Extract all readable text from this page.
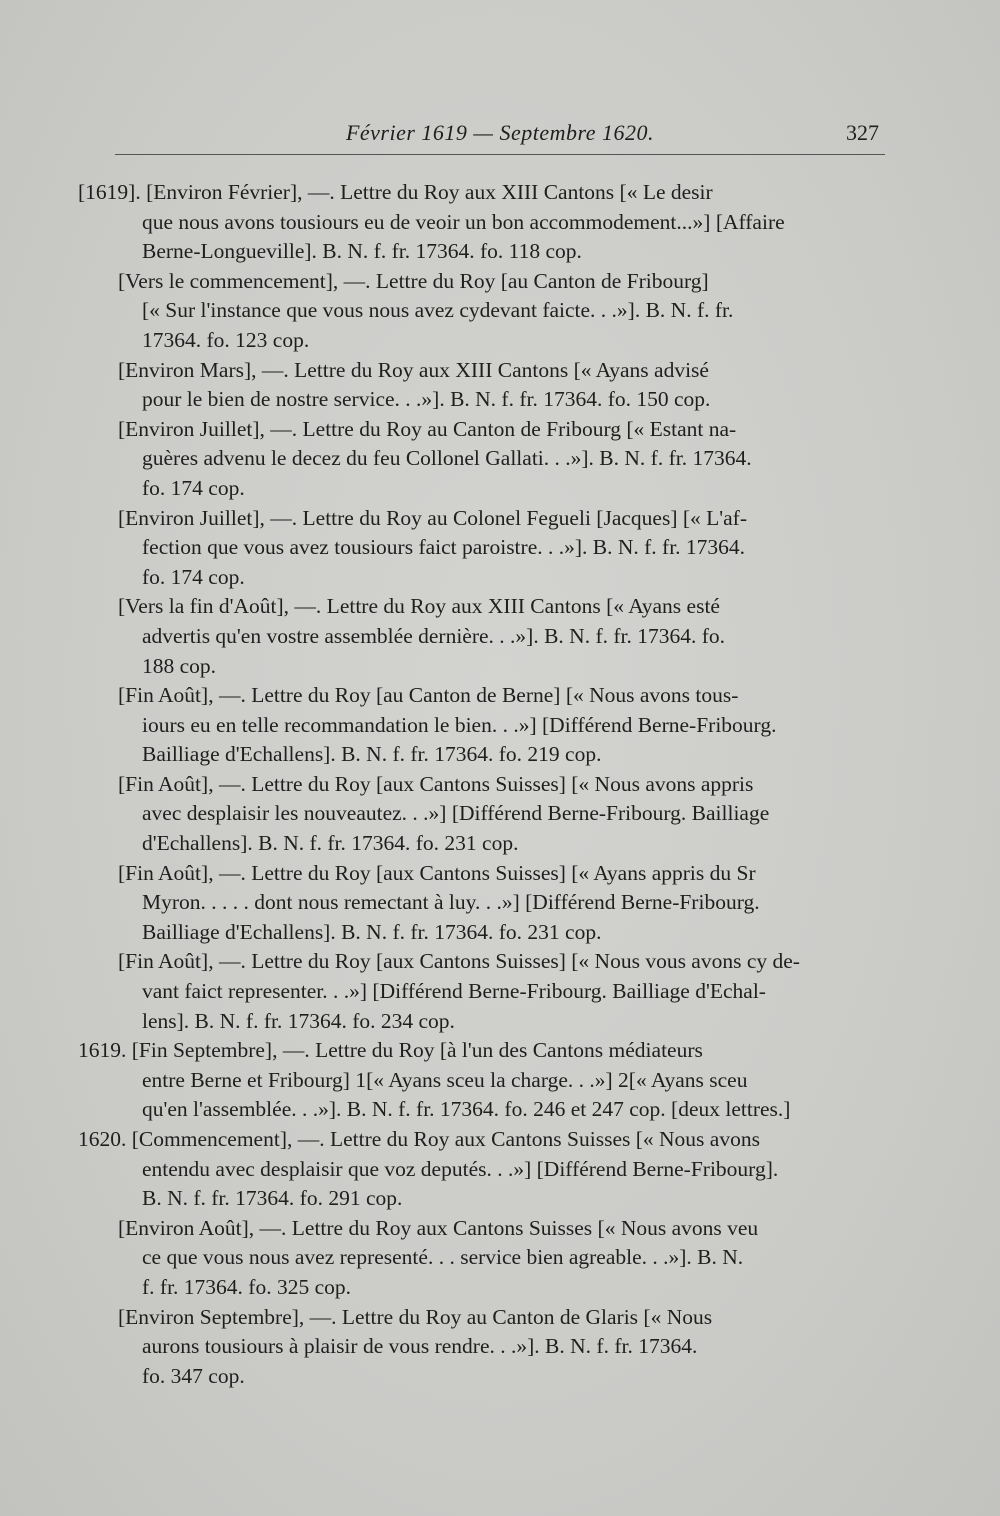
Février 1619 — Septembre 1620.	327
[1619]. [Environ Février], —. Lettre du Roy aux XIII Cantons [« Le desir
que nous avons tousiours eu de veoir un bon accommodement...»] [Affaire
Berne-Longueville]. B. N. f. fr. 17364. fo. 118 cop.
[Vers le commencement], —. Lettre du Roy [au Canton de Fribourg]
[« Sur l'instance que vous nous avez cydevant faicte. . .»]. B. N. f. fr.
17364. fo. 123 cop.
[Environ Mars], —. Lettre du Roy aux XIII Cantons [« Ayans advisé
pour le bien de nostre service. . .»]. B. N. f. fr. 17364. fo. 150 cop.
[Environ Juillet], —. Lettre du Roy au Canton de Fribourg [« Estant na-
guères advenu le decez du feu Collonel Gallati. . .»]. B. N. f. fr. 17364.
fo. 174 cop.
[Environ Juillet], —. Lettre du Roy au Colonel Fegueli [Jacques] [« L'af-
fection que vous avez tousiours faict paroistre. . .»]. B. N. f. fr. 17364.
fo. 174 cop.
[Vers la fin d'Août], —. Lettre du Roy aux XIII Cantons [« Ayans esté
advertis qu'en vostre assemblée dernière. . .»]. B. N. f. fr. 17364. fo.
188 cop.
[Fin Août], —. Lettre du Roy [au Canton de Berne] [« Nous avons tous-
iours eu en telle recommandation le bien. . .»] [Différend Berne-Fribourg.
Bailliage d'Echallens]. B. N. f. fr. 17364. fo. 219 cop.
[Fin Août], —. Lettre du Roy [aux Cantons Suisses] [« Nous avons appris
avec desplaisir les nouveautez. . .»] [Différend Berne-Fribourg. Bailliage
d'Echallens]. B. N. f. fr. 17364. fo. 231 cop.
[Fin Août], —. Lettre du Roy [aux Cantons Suisses] [« Ayans appris du Sr
Myron. . . . . dont nous remectant à luy. . .»] [Différend Berne-Fribourg.
Bailliage d'Echallens]. B. N. f. fr. 17364. fo. 231 cop.
[Fin Août], —. Lettre du Roy [aux Cantons Suisses] [« Nous vous avons cy de-
vant faict representer. . .»] [Différend Berne-Fribourg. Bailliage d'Echal-
lens]. B. N. f. fr. 17364. fo. 234 cop.
1619. [Fin Septembre], —. Lettre du Roy [à l'un des Cantons médiateurs
entre Berne et Fribourg] 1[« Ayans sceu la charge. . .»] 2[« Ayans sceu
qu'en l'assemblée. . .»]. B. N. f. fr. 17364. fo. 246 et 247 cop. [deux lettres.]
1620. [Commencement], —. Lettre du Roy aux Cantons Suisses [« Nous avons
entendu avec desplaisir que voz deputés. . .»] [Différend Berne-Fribourg].
B. N. f. fr. 17364. fo. 291 cop.
[Environ Août], —. Lettre du Roy aux Cantons Suisses [« Nous avons veu
ce que vous nous avez representé. . . service bien agreable. . .»]. B. N.
f. fr. 17364. fo. 325 cop.
[Environ Septembre], —. Lettre du Roy au Canton de Glaris [« Nous
aurons tousiours à plaisir de vous rendre. . .»]. B. N. f. fr. 17364.
fo. 347 cop.
